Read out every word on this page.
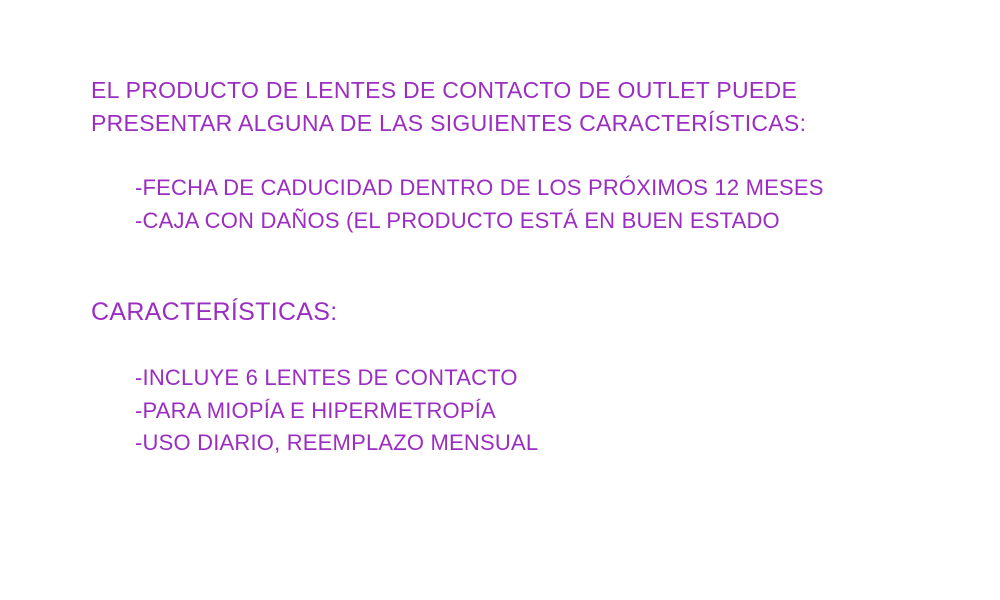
EL PRODUCTO DE LENTES DE CONTACTO DE OUTLET PUEDE
PRESENTAR ALGUNA DE LAS SIGUIENTES CARACTERÍSTICAS:
-FECHA DE CADUCIDAD DENTRO DE LOS PRÓXIMOS 12 MESES
-CAJA CON DAÑOS (EL PRODUCTO ESTÁ EN BUEN ESTADO
CARACTERÍSTICAS:
-INCLUYE 6 LENTES DE CONTACTO
-PARA MIOPÍA E HIPERMETROPÍA
-USO DIARIO, REEMPLAZO MENSUAL
